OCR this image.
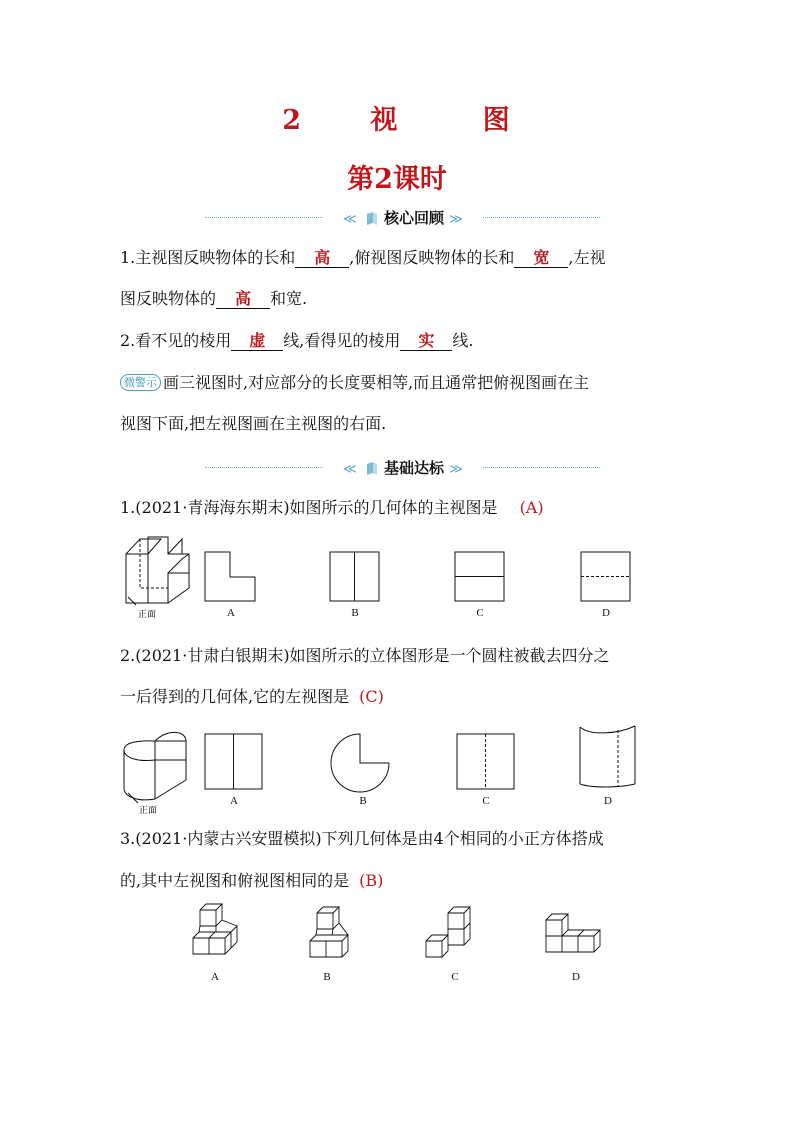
2 视	图
第2课时
≪ 核心回顾 ≫
1.主视图反映物体的长和 高 ,俯视图反映物体的长和 宽 ,左视
图反映物体的 高 和宽.
2.看不见的棱用 虚 线,看得见的棱用 实 线.
微警示 画三视图时,对应部分的长度要相等,而且通常把俯视图画在主
视图下面,把左视图画在主视图的右面.
≪ 基础达标 ≫
1.(2021·青海海东期末)如图所示的几何体的主视图是 (A)
正面	A	B	C	D
2.(2021·甘肃白银期末)如图所示的立体图形是一个圆柱被截去四分之
一后得到的几何体,它的左视图是 (C)
正面
A	B	C	D
3.(2021·内蒙古兴安盟模拟)下列几何体是由4个相同的小正方体搭成
的,其中左视图和俯视图相同的是 (B)
A	B	C	D
